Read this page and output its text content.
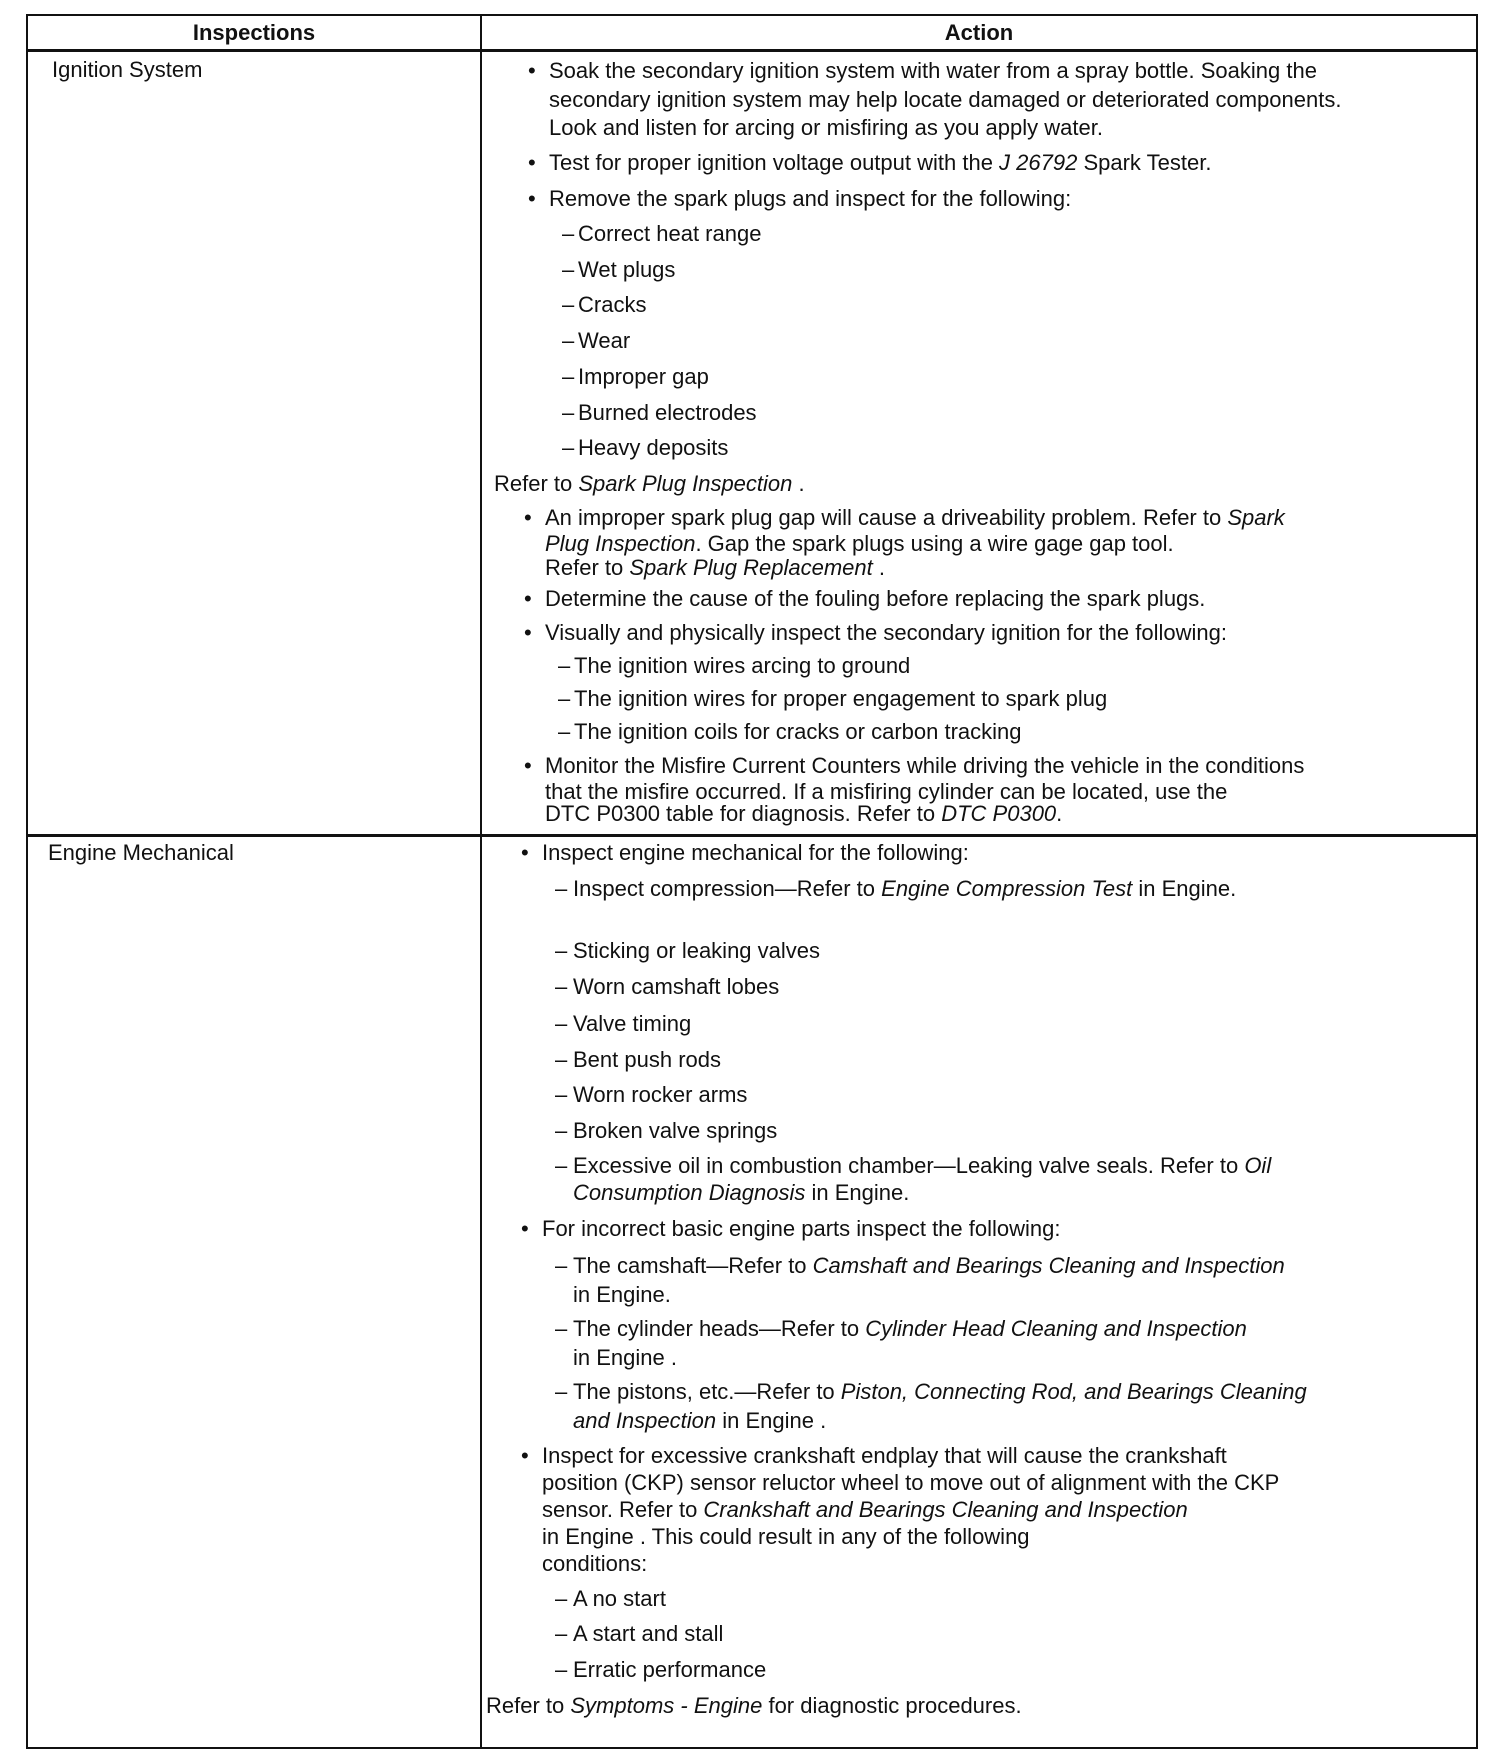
Inspections	Action
Ignition System
Engine Mechanical
• Soak the secondary ignition system with water from a spray bottle. Soaking the
secondary ignition system may help locate damaged or deteriorated components.
Look and listen for arcing or misfiring as you apply water.
• Test for proper ignition voltage output with the J 26792 Spark Tester.
• Remove the spark plugs and inspect for the following:
– Correct heat range
– Wet plugs
– Cracks
– Wear
– Improper gap
– Burned electrodes
– Heavy deposits
Refer to Spark Plug Inspection .
• An improper spark plug gap will cause a driveability problem. Refer to Spark
Plug Inspection. Gap the spark plugs using a wire gage gap tool.
Refer to Spark Plug Replacement .
• Determine the cause of the fouling before replacing the spark plugs.
• Visually and physically inspect the secondary ignition for the following:
– The ignition wires arcing to ground
– The ignition wires for proper engagement to spark plug
– The ignition coils for cracks or carbon tracking
• Monitor the Misfire Current Counters while driving the vehicle in the conditions
that the misfire occurred. If a misfiring cylinder can be located, use the
DTC P0300 table for diagnosis. Refer to DTC P0300.
• Inspect engine mechanical for the following:
– Inspect compression—Refer to Engine Compression Test in Engine.
– Sticking or leaking valves
– Worn camshaft lobes
– Valve timing
– Bent push rods
– Worn rocker arms
– Broken valve springs
– Excessive oil in combustion chamber—Leaking valve seals. Refer to Oil
Consumption Diagnosis in Engine.
• For incorrect basic engine parts inspect the following:
– The camshaft—Refer to Camshaft and Bearings Cleaning and Inspection
in Engine.
– The cylinder heads—Refer to Cylinder Head Cleaning and Inspection
in Engine .
– The pistons, etc.—Refer to Piston, Connecting Rod, and Bearings Cleaning
and Inspection in Engine .
• Inspect for excessive crankshaft endplay that will cause the crankshaft
position (CKP) sensor reluctor wheel to move out of alignment with the CKP
sensor. Refer to Crankshaft and Bearings Cleaning and Inspection
in Engine . This could result in any of the following
conditions:
– A no start
– A start and stall
– Erratic performance
Refer to Symptoms - Engine for diagnostic procedures.
